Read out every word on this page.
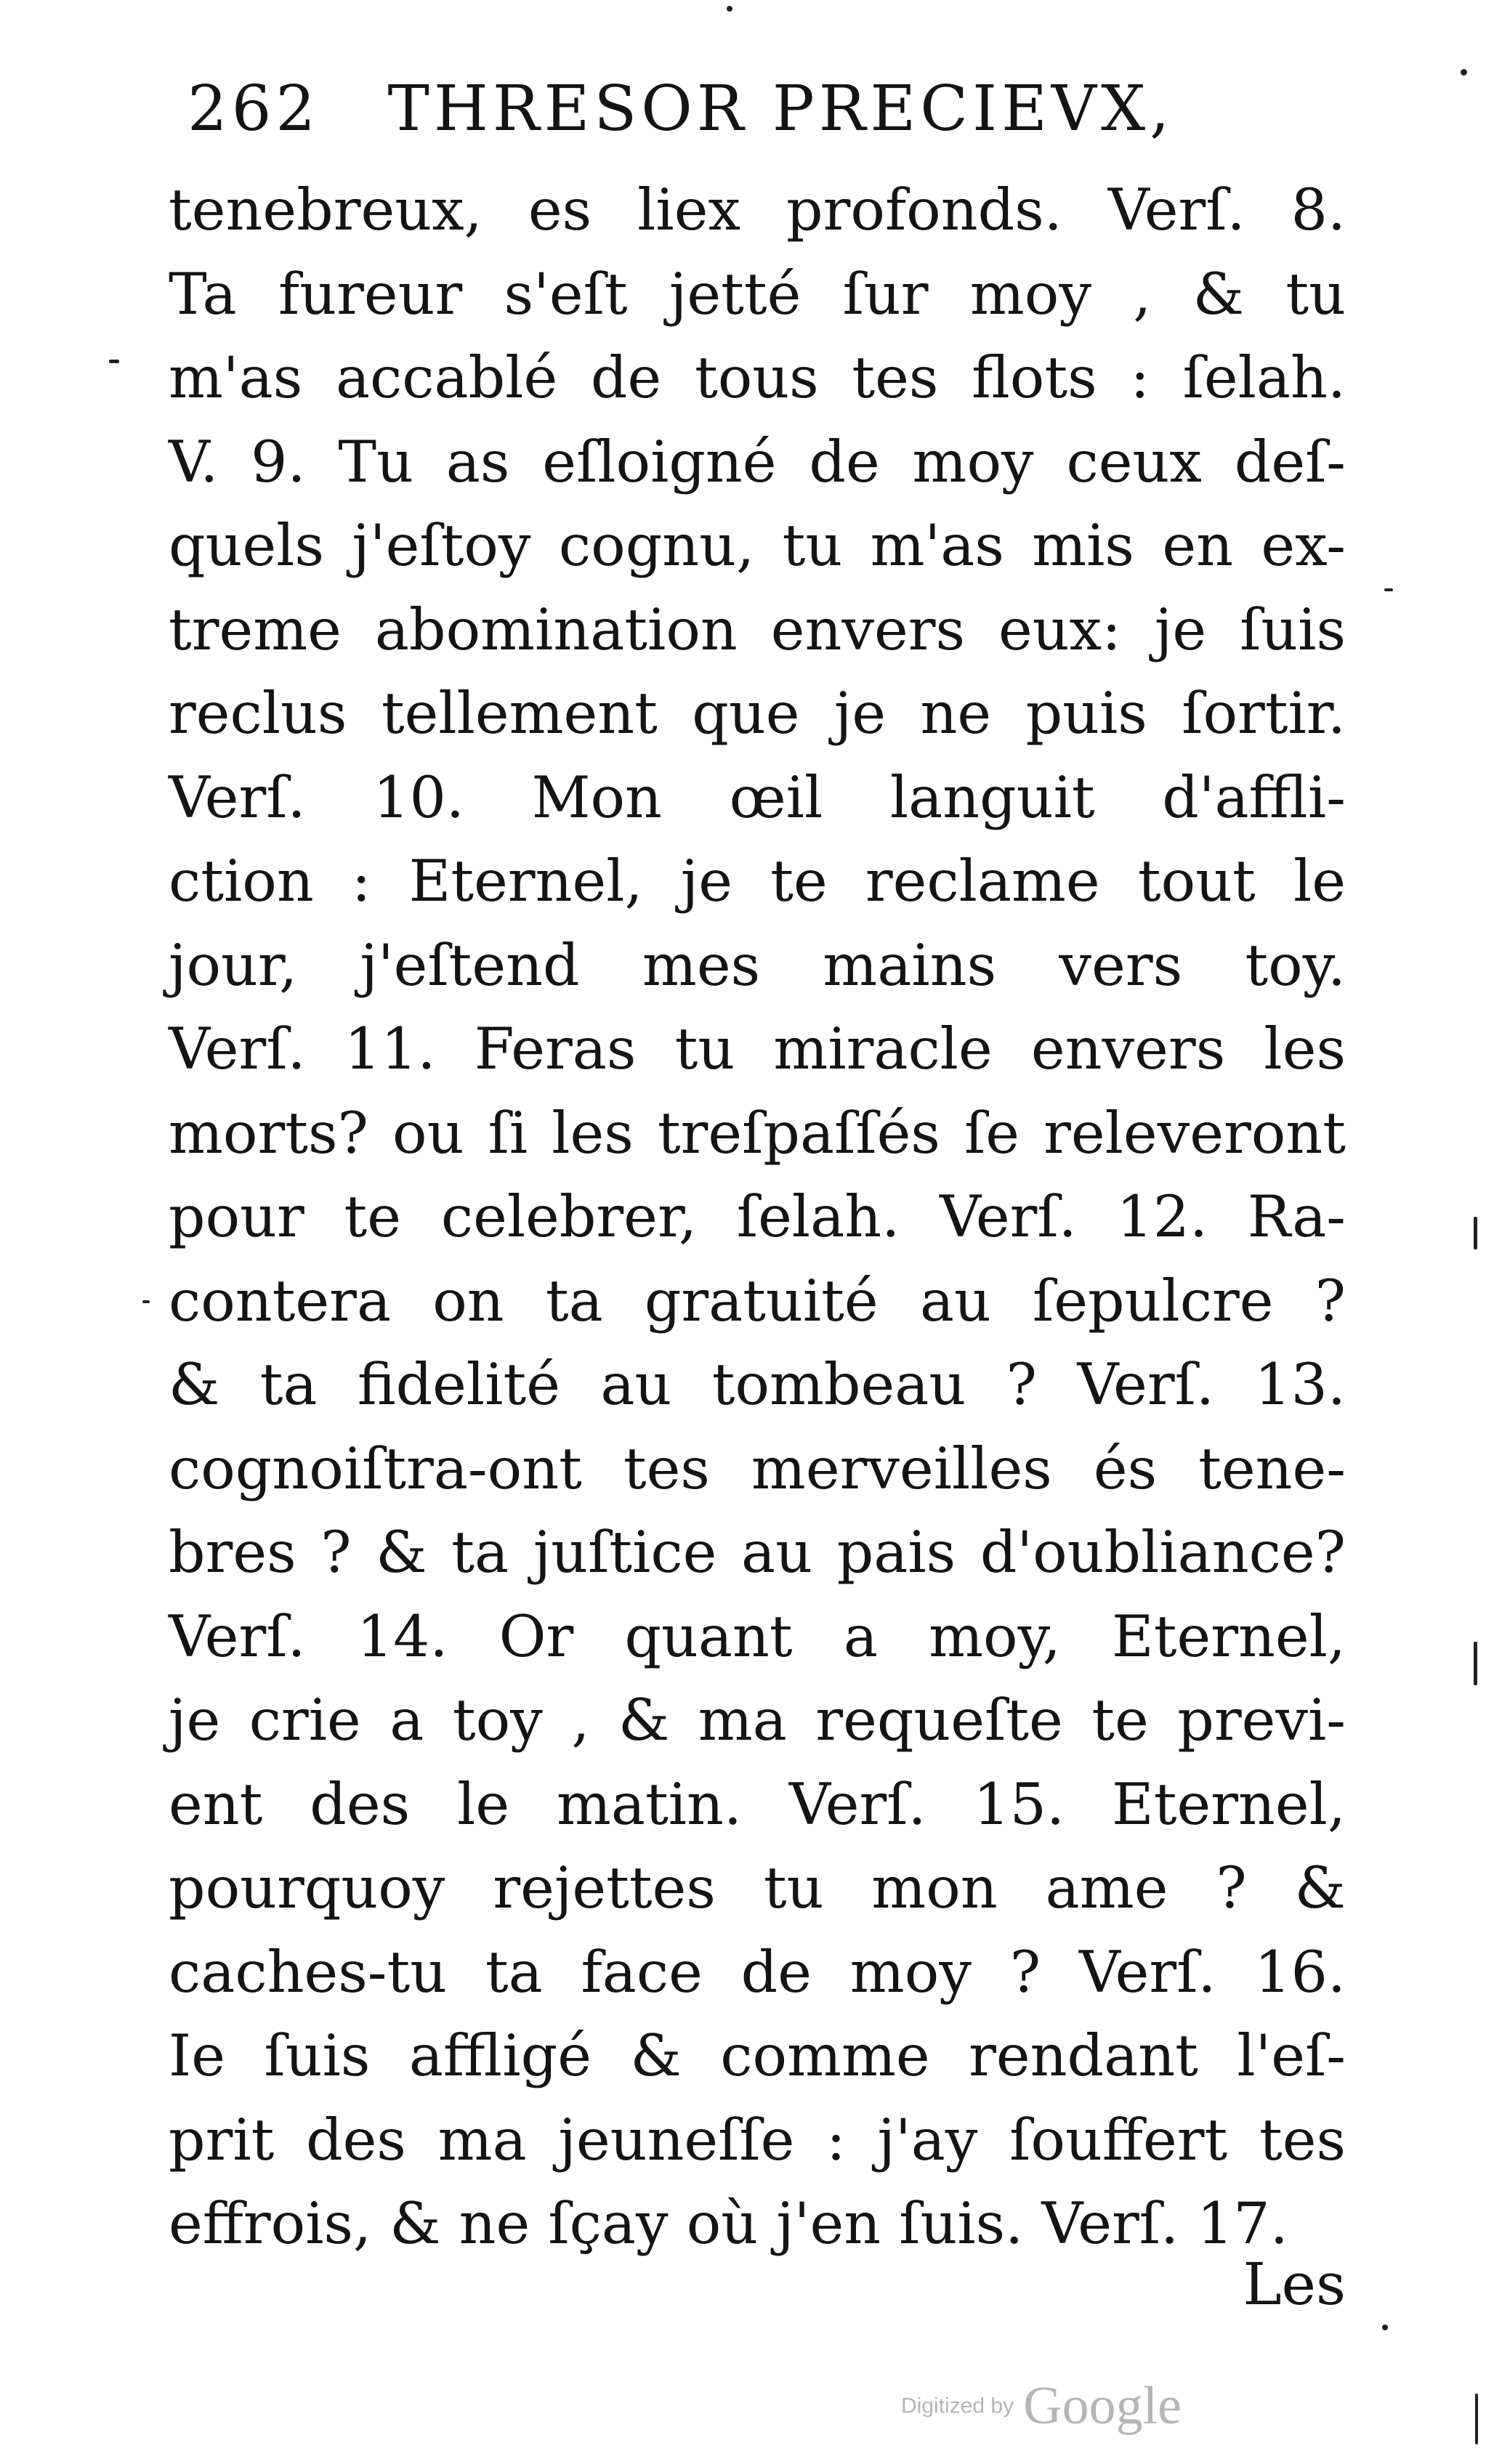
262 THRESOR PRECIEVX,
tenebreux, es liex profonds. Verſ. 8.
Ta fureur s'eſt jetté ſur moy , & tu
m'as accablé de tous tes flots : ſelah.
V. 9. Tu as eſloigné de moy ceux deſ-
quels j'eſtoy cognu, tu m'as mis en ex-
treme abomination envers eux: je ſuis
reclus tellement que je ne puis ſortir.
Verſ. 10. Mon œil languit d'affli-
ction : Eternel, je te reclame tout le
jour, j'eſtend mes mains vers toy.
Verſ. 11. Feras tu miracle envers les
morts? ou ſi les treſpaſſés ſe releveront
pour te celebrer, ſelah. Verſ. 12. Ra-
contera on ta gratuité au ſepulcre ?
& ta fidelité au tombeau ? Verſ. 13.
cognoiſtra-ont tes merveilles és tene-
bres ? & ta juſtice au pais d'oubliance?
Verſ. 14. Or quant a moy, Eternel,
je crie a toy , & ma requeſte te previ-
ent des le matin. Verſ. 15. Eternel,
pourquoy rejettes tu mon ame ? &
caches-tu ta face de moy ? Verſ. 16.
Ie ſuis affligé & comme rendant l'eſ-
prit des ma jeuneſſe : j'ay ſouffert tes
effrois, & ne ſçay où j'en ſuis. Verſ. 17.
Les
Digitized by Google
